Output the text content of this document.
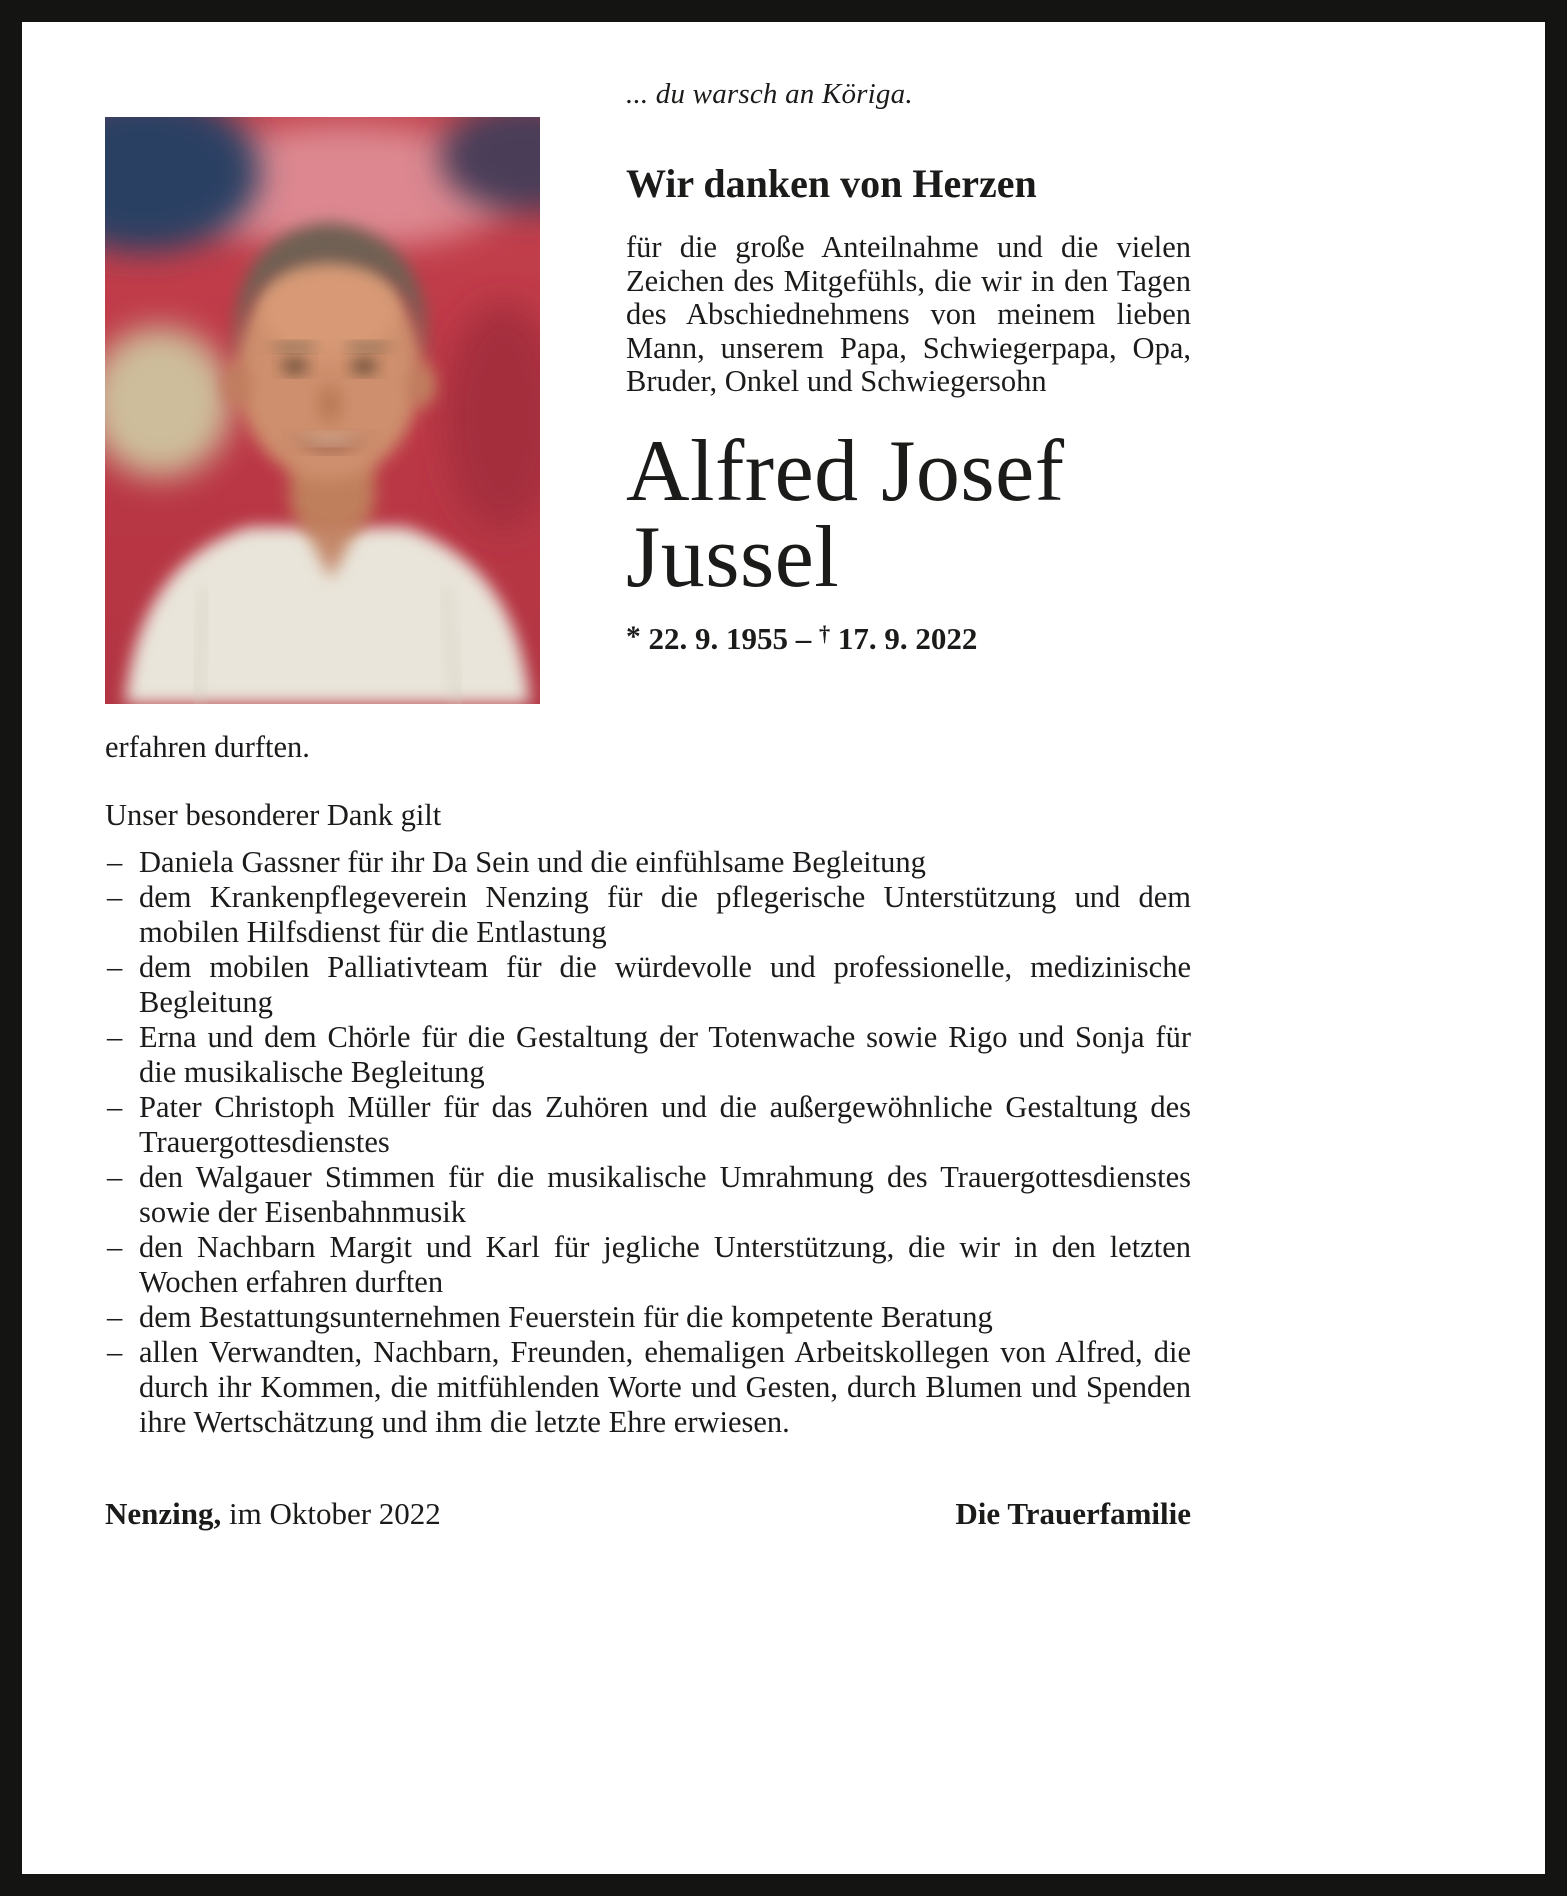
... du warsch an Köriga.
Wir danken von Herzen

für die große Anteilnahme und die vielen Zeichen des Mitgefühls, die wir in den Tagen des Abschiednehmens von meinem lieben Mann, unserem Papa, Schwiegerpapa, Opa, Bruder, Onkel und Schwiegersohn

Alfred Josef Jussel
* 22. 9. 1955 – † 17. 9. 2022

erfahren durften.

Unser besonderer Dank gilt

– Daniela Gassner für ihr Da Sein und die einfühlsame Begleitung
– dem Krankenpflegeverein Nenzing für die pflegerische Unterstützung und dem mobilen Hilfsdienst für die Entlastung
– dem mobilen Palliativteam für die würdevolle und professionelle, medizinische Begleitung
– Erna und dem Chörle für die Gestaltung der Totenwache sowie Rigo und Sonja für die musikalische Begleitung
– Pater Christoph Müller für das Zuhören und die außergewöhnliche Gestaltung des Trauergottesdienstes
– den Walgauer Stimmen für die musikalische Umrahmung des Trauergottesdienstes sowie der Eisenbahnmusik
– den Nachbarn Margit und Karl für jegliche Unterstützung, die wir in den letzten Wochen erfahren durften
– dem Bestattungsunternehmen Feuerstein für die kompetente Beratung
– allen Verwandten, Nachbarn, Freunden, ehemaligen Arbeitskollegen von Alfred, die durch ihr Kommen, die mitfühlenden Worte und Gesten, durch Blumen und Spenden ihre Wertschätzung und ihm die letzte Ehre erwiesen.
Nenzing, im Oktober 2022	Die Trauerfamilie
